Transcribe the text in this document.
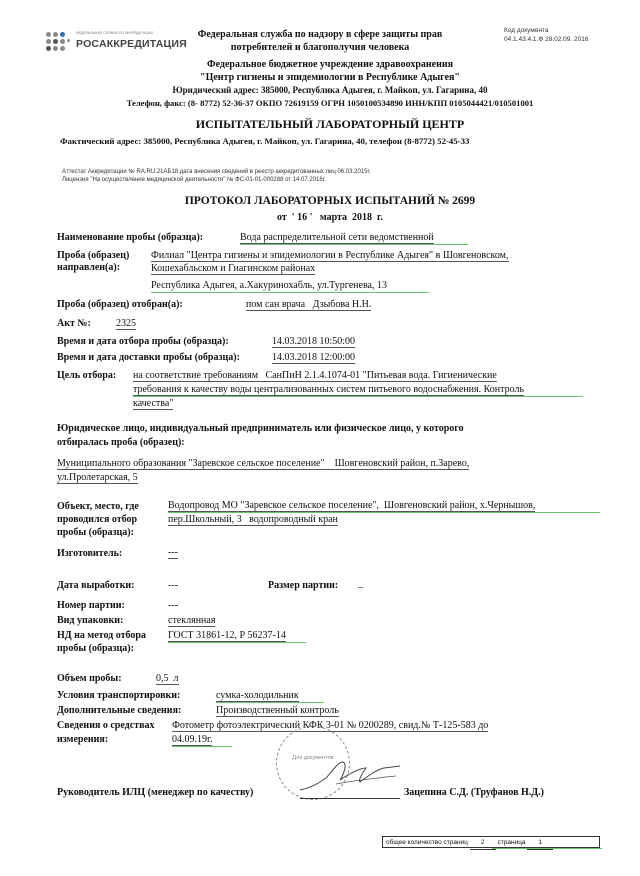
ФЕДЕРАЛЬНАЯ СЛУЖБА ПО АККРЕДИТАЦИИ
РОСАККРЕДИТАЦИЯ
Код документа
04.1.43.4.1.Ф 28.02.09. 2016
Федеральная служба по надзору в сфере защиты прав
потребителей и благополучия человека
Федеральное бюджетное учреждение здравоохранения
"Центр гигиены и эпидемиологии в Республике Адыгея"
Юридический адрес: 385000, Республика Адыгея, г. Майкоп, ул. Гагарина, 40
Телефон, факс: (8- 8772) 52-36-37 ОКПО 72619159 ОГРН 1050100534890 ИНН/КПП 0105044421/010501001
ИСПЫТАТЕЛЬНЫЙ ЛАБОРАТОРНЫЙ ЦЕНТР
Фактический адрес: 385000, Республика Адыгея, г. Майкоп, ул. Гагарина, 40, телефон (8-8772) 52-45-33
Аттестат Аккредитации № RA.RU.21АБ18 дата внесения сведений в реестр аккредитованных лиц 06.03.2015г.
Лицензия "На осуществление медицинской деятельности" № ФС-01-01-000288 от 14.07.2016г.
ПРОТОКОЛ ЛАБОРАТОРНЫХ ИСПЫТАНИЙ № 2699
от  ' 16 '   марта  2018  г.
Наименование пробы (образца):	Вода распределительной сети ведомственной
Проба (образец)
направлен(а):
Филиал "Центра гигиены и эпидемиологии в Республике Адыгея" в Шовгеновском,
Кошехабльском и Гиагинском районах
Республика Адыгея, а.Хакуринохабль, ул.Тургенева, 13
Проба (образец) отобран(а):	пом сан врача   Дзыбова Н.Н.
Акт №:	2325
Время и дата отбора пробы (образца):	14.03.2018 10:50:00
Время и дата доставки пробы (образца):	14.03.2018 12:00:00
Цель отбора: на соответствие требованиям   СанПиН 2.1.4.1074-01 "Питьевая вода. Гигиенические
требования к качеству воды централизованных систем питьевого водоснабжения. Контроль
качества"
Юридическое лицо, индивидуальный предприниматель или физическое лицо, у которого
отбиралась проба (образец):
Муниципального образования "Заревское сельское поселение"    Шовгеновский район, п.Зарево,
ул.Пролетарская, 5
Объект, место, где
проводился отбор
пробы (образца):
Водопровод МО "Заревское сельское поселение",  Шовгеновский район, х.Чернышов,
пер.Школьный, 3   водопроводный кран
Изготовитель:	---
Дата выработки:	---	Размер партии: _
Номер партии:	---
Вид упаковки:	стеклянная
НД на метод отбора
пробы (образца):
ГОСТ 31861-12, Р 56237-14
Объем пробы:	0,5  л
Условия транспортировки:	сумка-холодильник
Дополнительные сведения:	Производственный контроль
Сведения о средствах
измерения:
Фотометр фотоэлектрический КФК 3-01 № 0200289, свид.№ Т-125-583 до
04.09.19г.
Для документов
Руководитель ИЛЦ (менеджер по качеству)	Зацепина С.Д. (Труфанов Н.Д.)
общее количество страниц 2 страница 1
